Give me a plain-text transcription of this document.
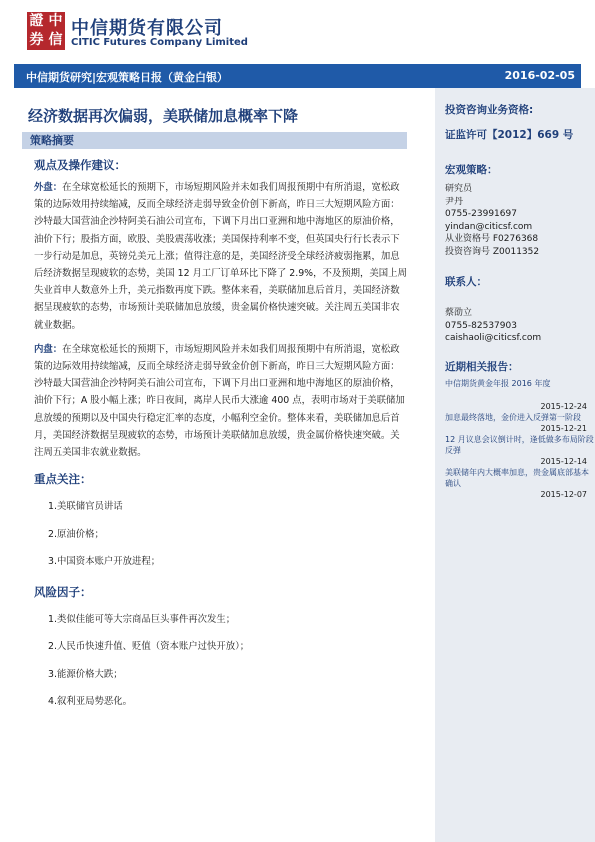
證 中
券 信
中信期货有限公司
CITIC Futures Company Limited
中信期货研究|宏观策略日报（黄金白银）	2016-02-05

投资咨询业务资格:

证监许可【2012】669 号

宏观策略：

研究员
尹丹
0755-23991697
yindan@citicsf.com
从业资格号 F0276368
投资咨询号 Z0011352

联系人：

蔡劭立
0755-82537903
caishaoli@citicsf.com

近期相关报告：

中信期货黄金年报 2016 年度
2015-12-24
加息最终落地，金价进入反弹第一阶段
2015-12-21
12 月议息会议倒计时，逢低做多布局阶段反弹
2015-12-14
美联储年内大概率加息，贵金属底部基本确认
2015-12-07
经济数据再次偏弱，美联储加息概率下降
策略摘要
观点及操作建议：

外盘：在全球宽松延长的预期下，市场短期风险并未如我们周报预期中有所消退，宽松政策的边际效用持续缩减，反而全球经济走弱导致金价创下新高，昨日三大短期风险方面：沙特最大国营油企沙特阿美石油公司宣布，下调下月出口亚洲和地中海地区的原油价格，油价下行；股指方面，欧股、美股震荡收涨；美国保持利率不变，但英国央行行长表示下一步行动是加息，英镑兑美元上涨；值得注意的是，美国经济受全球经济疲弱拖累，加息后经济数据呈现疲软的态势，美国 12 月工厂订单环比下降了 2.9%，不及预期，美国上周失业首申人数意外上升，美元指数再度下跌。整体来看，美联储加息后首月，美国经济数据呈现疲软的态势，市场预计美联储加息放缓，贵金属价格快速突破。关注周五美国非农就业数据。

内盘：在全球宽松延长的预期下，市场短期风险并未如我们周报预期中有所消退，宽松政策的边际效用持续缩减，反而全球经济走弱导致金价创下新高，昨日三大短期风险方面：沙特最大国营油企沙特阿美石油公司宣布，下调下月出口亚洲和地中海地区的原油价格，油价下行；A 股小幅上涨；昨日夜间，离岸人民币大涨逾 400 点，表明市场对于美联储加息放缓的预期以及中国央行稳定汇率的态度，小幅利空金价。整体来看，美联储加息后首月，美国经济数据呈现疲软的态势，市场预计美联储加息放缓，贵金属价格快速突破。关注周五美国非农就业数据。

重点关注：
1.美联储官员讲话
2.原油价格；
3.中国资本账户开放进程；
风险因子：
1.类似佳能可等大宗商品巨头事件再次发生；
2.人民币快速升值、贬值（资本账户过快开放）；
3.能源价格大跌；
4.叙利亚局势恶化。
